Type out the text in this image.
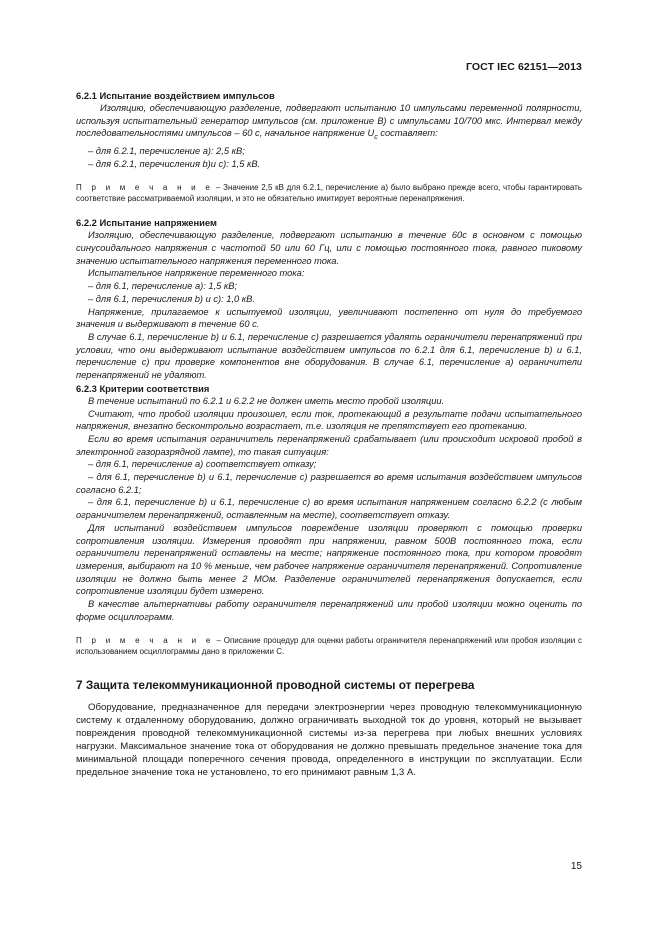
ГОСТ IEC 62151—2013

6.2.1 Испытание воздействием импульсов

Изоляцию, обеспечивающую разделение, подвергают испытанию 10 импульсами переменной полярности, используя испытательный генератор импульсов (см. приложение В) с импульсами 10/700 мкс. Интервал между последовательностями импульсов – 60 с, начальное напряжение $U_c$ составляет:

– для 6.2.1, перечисление а): 2,5 кВ;

– для 6.2.1, перечисления b)и с): 1,5 кВ.

П р и м е ч а н и е – Значение 2,5 кВ для 6.2.1, перечисление а) было выбрано прежде всего, чтобы гарантировать соответствие рассматриваемой изоляции, и это не обязательно имитирует вероятные перенапряжения.

6.2.2 Испытание напряжением

Изоляцию, обеспечивающую разделение, подвергают испытанию в течение 60с в основном с помощью синусоидального напряжения с частотой 50 или 60 Гц, или с помощью постоянного тока, равного пиковому значению испытательного напряжения переменного тока.

Испытательное напряжение переменного тока:

– для 6.1, перечисление а): 1,5 кВ;

– для 6.1, перечисления b) и с): 1,0 кВ.

Напряжение, прилагаемое к испытуемой изоляции, увеличивают постепенно от нуля до требуемого значения и выдерживают в течение 60 с.

В случае 6.1, перечисление b) и 6.1, перечисление с) разрешается удалять ограничители перенапряжений при условии, что они выдерживают испытание воздействием импульсов по 6.2.1 для 6.1, перечисление b) и 6.1, перечисление с) при проверке компонентов вне оборудования. В случае 6.1, перечисление а) ограничители перенапряжений не удаляют.

6.2.3 Критерии соответствия

В течение испытаний по 6.2.1 и 6.2.2 не должен иметь место пробой изоляции.

Считают, что пробой изоляции произошел, если ток, протекающий в результате подачи испытательного напряжения, внезапно бесконтрольно возрастает, т.е. изоляция не препятствует его протеканию.

Если во время испытания ограничитель перенапряжений срабатывает (или происходит искровой пробой в электронной газоразрядной лампе), то такая ситуация:

– для 6.1, перечисление а) соответствует отказу;

– для 6.1, перечисление b) и 6.1, перечисление с) разрешается во время испытания воздействием импульсов согласно 6.2.1;

– для 6.1, перечисление b) и 6.1, перечисление с) во время испытания напряжением согласно 6.2.2 (с любым ограничителем перенапряжений, оставленным на месте), соответствует отказу.

Для испытаний воздействием импульсов повреждение изоляции проверяют с помощью проверки сопротивления изоляции. Измерения проводят при напряжении, равном 500В постоянного тока, если ограничители перенапряжений оставлены на месте; напряжение постоянного тока, при котором проводят измерения, выбирают на 10 % меньше, чем рабочее напряжение ограничителя перенапряжений. Сопротивление изоляции не должно быть менее 2 МОм. Разделение ограничителей перенапряжения допускается, если сопротивление изоляции будет измерено.

В качестве альтернативы работу ограничителя перенапряжений или пробой изоляции можно оценить по форме осциллограмм.

П р и м е ч а н и е – Описание процедур для оценки работы ограничителя перенапряжений или пробоя изоляции с использованием осциллограммы дано в приложении С.

7 Защита телекоммуникационной проводной системы от перегрева

Оборудование, предназначенное для передачи электроэнергии через проводную телекоммуникационную систему к отдаленному оборудованию, должно ограничивать выходной ток до уровня, который не вызывает повреждения проводной телекоммуникационной системы из-за перегрева при любых внешних условиях нагрузки. Максимальное значение тока от оборудования не должно превышать предельное значение тока для минимальной площади поперечного сечения провода, определенного в инструкции по эксплуатации. Если предельное значение тока не установлено, то его принимают равным 1,3 А.

15
